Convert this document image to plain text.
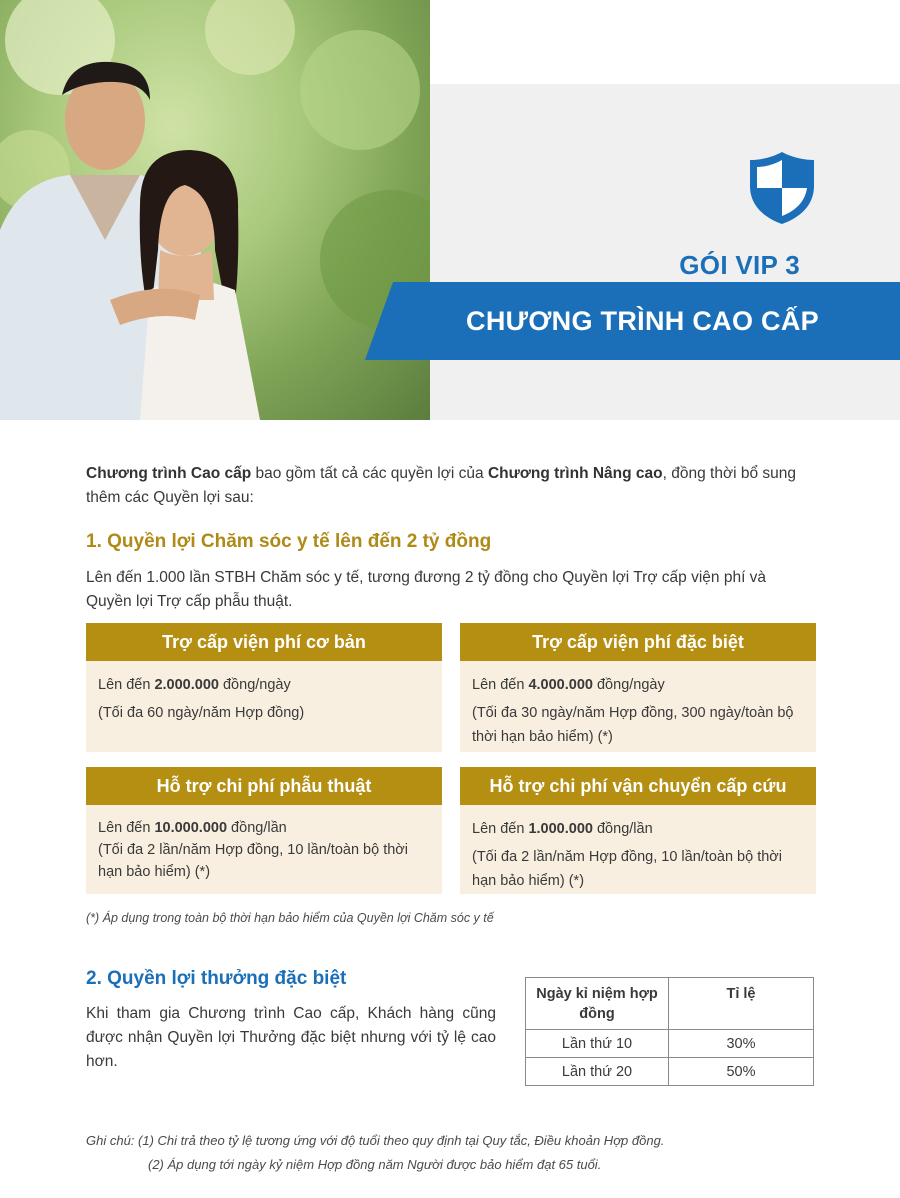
GÓI VIP 3
CHƯƠNG TRÌNH CAO CẤP

Chương trình Cao cấp bao gồm tất cả các quyền lợi của Chương trình Nâng cao, đồng thời bổ sung thêm các Quyền lợi sau:

1. Quyền lợi Chăm sóc y tế lên đến 2 tỷ đồng

Lên đến 1.000 lần STBH Chăm sóc y tế, tương đương 2 tỷ đồng cho Quyền lợi Trợ cấp viện phí và Quyền lợi Trợ cấp phẫu thuật.

Trợ cấp viện phí cơ bản
Lên đến 2.000.000 đồng/ngày
(Tối đa 60 ngày/năm Hợp đồng)
Trợ cấp viện phí đặc biệt
Lên đến 4.000.000 đồng/ngày
(Tối đa 30 ngày/năm Hợp đồng, 300 ngày/toàn bộ thời hạn bảo hiểm) (*)
Hỗ trợ chi phí phẫu thuật
Lên đến 10.000.000 đồng/lần
(Tối đa 2 lần/năm Hợp đồng, 10 lần/toàn bộ thời hạn bảo hiểm) (*)
Hỗ trợ chi phí vận chuyển cấp cứu
Lên đến 1.000.000 đồng/lần
(Tối đa 2 lần/năm Hợp đồng, 10 lần/toàn bộ thời hạn bảo hiểm) (*)

(*) Áp dụng trong toàn bộ thời hạn bảo hiểm của Quyền lợi Chăm sóc y tế

2. Quyền lợi thưởng đặc biệt

Khi tham gia Chương trình Cao cấp, Khách hàng cũng được nhận Quyền lợi Thưởng đặc biệt nhưng với tỷ lệ cao hơn.

Ngày kỉ niệm hợp đồng	Tỉ lệ
Lần thứ 10	30%
Lần thứ 20	50%
Ghi chú: (1) Chi trả theo tỷ lệ tương ứng với độ tuổi theo quy định tại Quy tắc, Điều khoản Hợp đồng.
(2) Áp dụng tới ngày kỷ niệm Hợp đồng năm Người được bảo hiểm đạt 65 tuổi.
